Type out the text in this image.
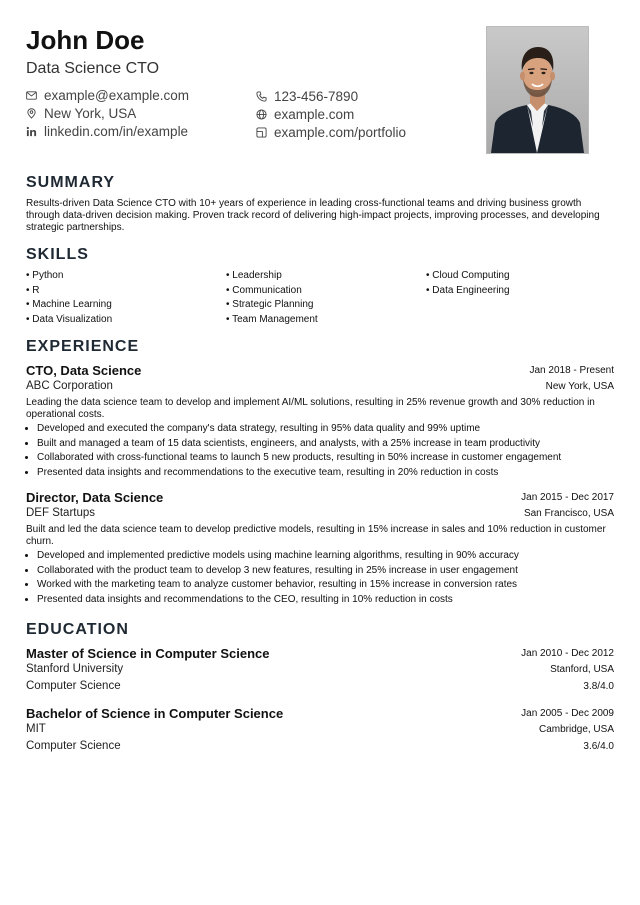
John Doe
Data Science CTO
example@example.com	123-456-7890
New York, USA	example.com
linkedin.com/in/example	example.com/portfolio
SUMMARY
Results-driven Data Science CTO with 10+ years of experience in leading cross-functional teams and driving business growth through data-driven decision making. Proven track record of delivering high-impact projects, improving processes, and developing strategic partnerships.
SKILLS
• Python
• R
• Machine Learning
• Data Visualization
• Leadership
• Communication
• Strategic Planning
• Team Management
• Cloud Computing
• Data Engineering
EXPERIENCE
CTO, Data Science	Jan 2018 - Present
ABC Corporation	New York, USA
Leading the data science team to develop and implement AI/ML solutions, resulting in 25% revenue growth and 30% reduction in operational costs.
• Developed and executed the company's data strategy, resulting in 95% data quality and 99% uptime
• Built and managed a team of 15 data scientists, engineers, and analysts, with a 25% increase in team productivity
• Collaborated with cross-functional teams to launch 5 new products, resulting in 50% increase in customer engagement
• Presented data insights and recommendations to the executive team, resulting in 20% reduction in costs
Director, Data Science	Jan 2015 - Dec 2017
DEF Startups	San Francisco, USA
Built and led the data science team to develop predictive models, resulting in 15% increase in sales and 10% reduction in customer churn.
• Developed and implemented predictive models using machine learning algorithms, resulting in 90% accuracy
• Collaborated with the product team to develop 3 new features, resulting in 25% increase in user engagement
• Worked with the marketing team to analyze customer behavior, resulting in 15% increase in conversion rates
• Presented data insights and recommendations to the CEO, resulting in 10% reduction in costs
EDUCATION
Master of Science in Computer Science	Jan 2010 - Dec 2012
Stanford University	Stanford, USA
Computer Science	3.8/4.0
Bachelor of Science in Computer Science	Jan 2005 - Dec 2009
MIT	Cambridge, USA
Computer Science	3.6/4.0
